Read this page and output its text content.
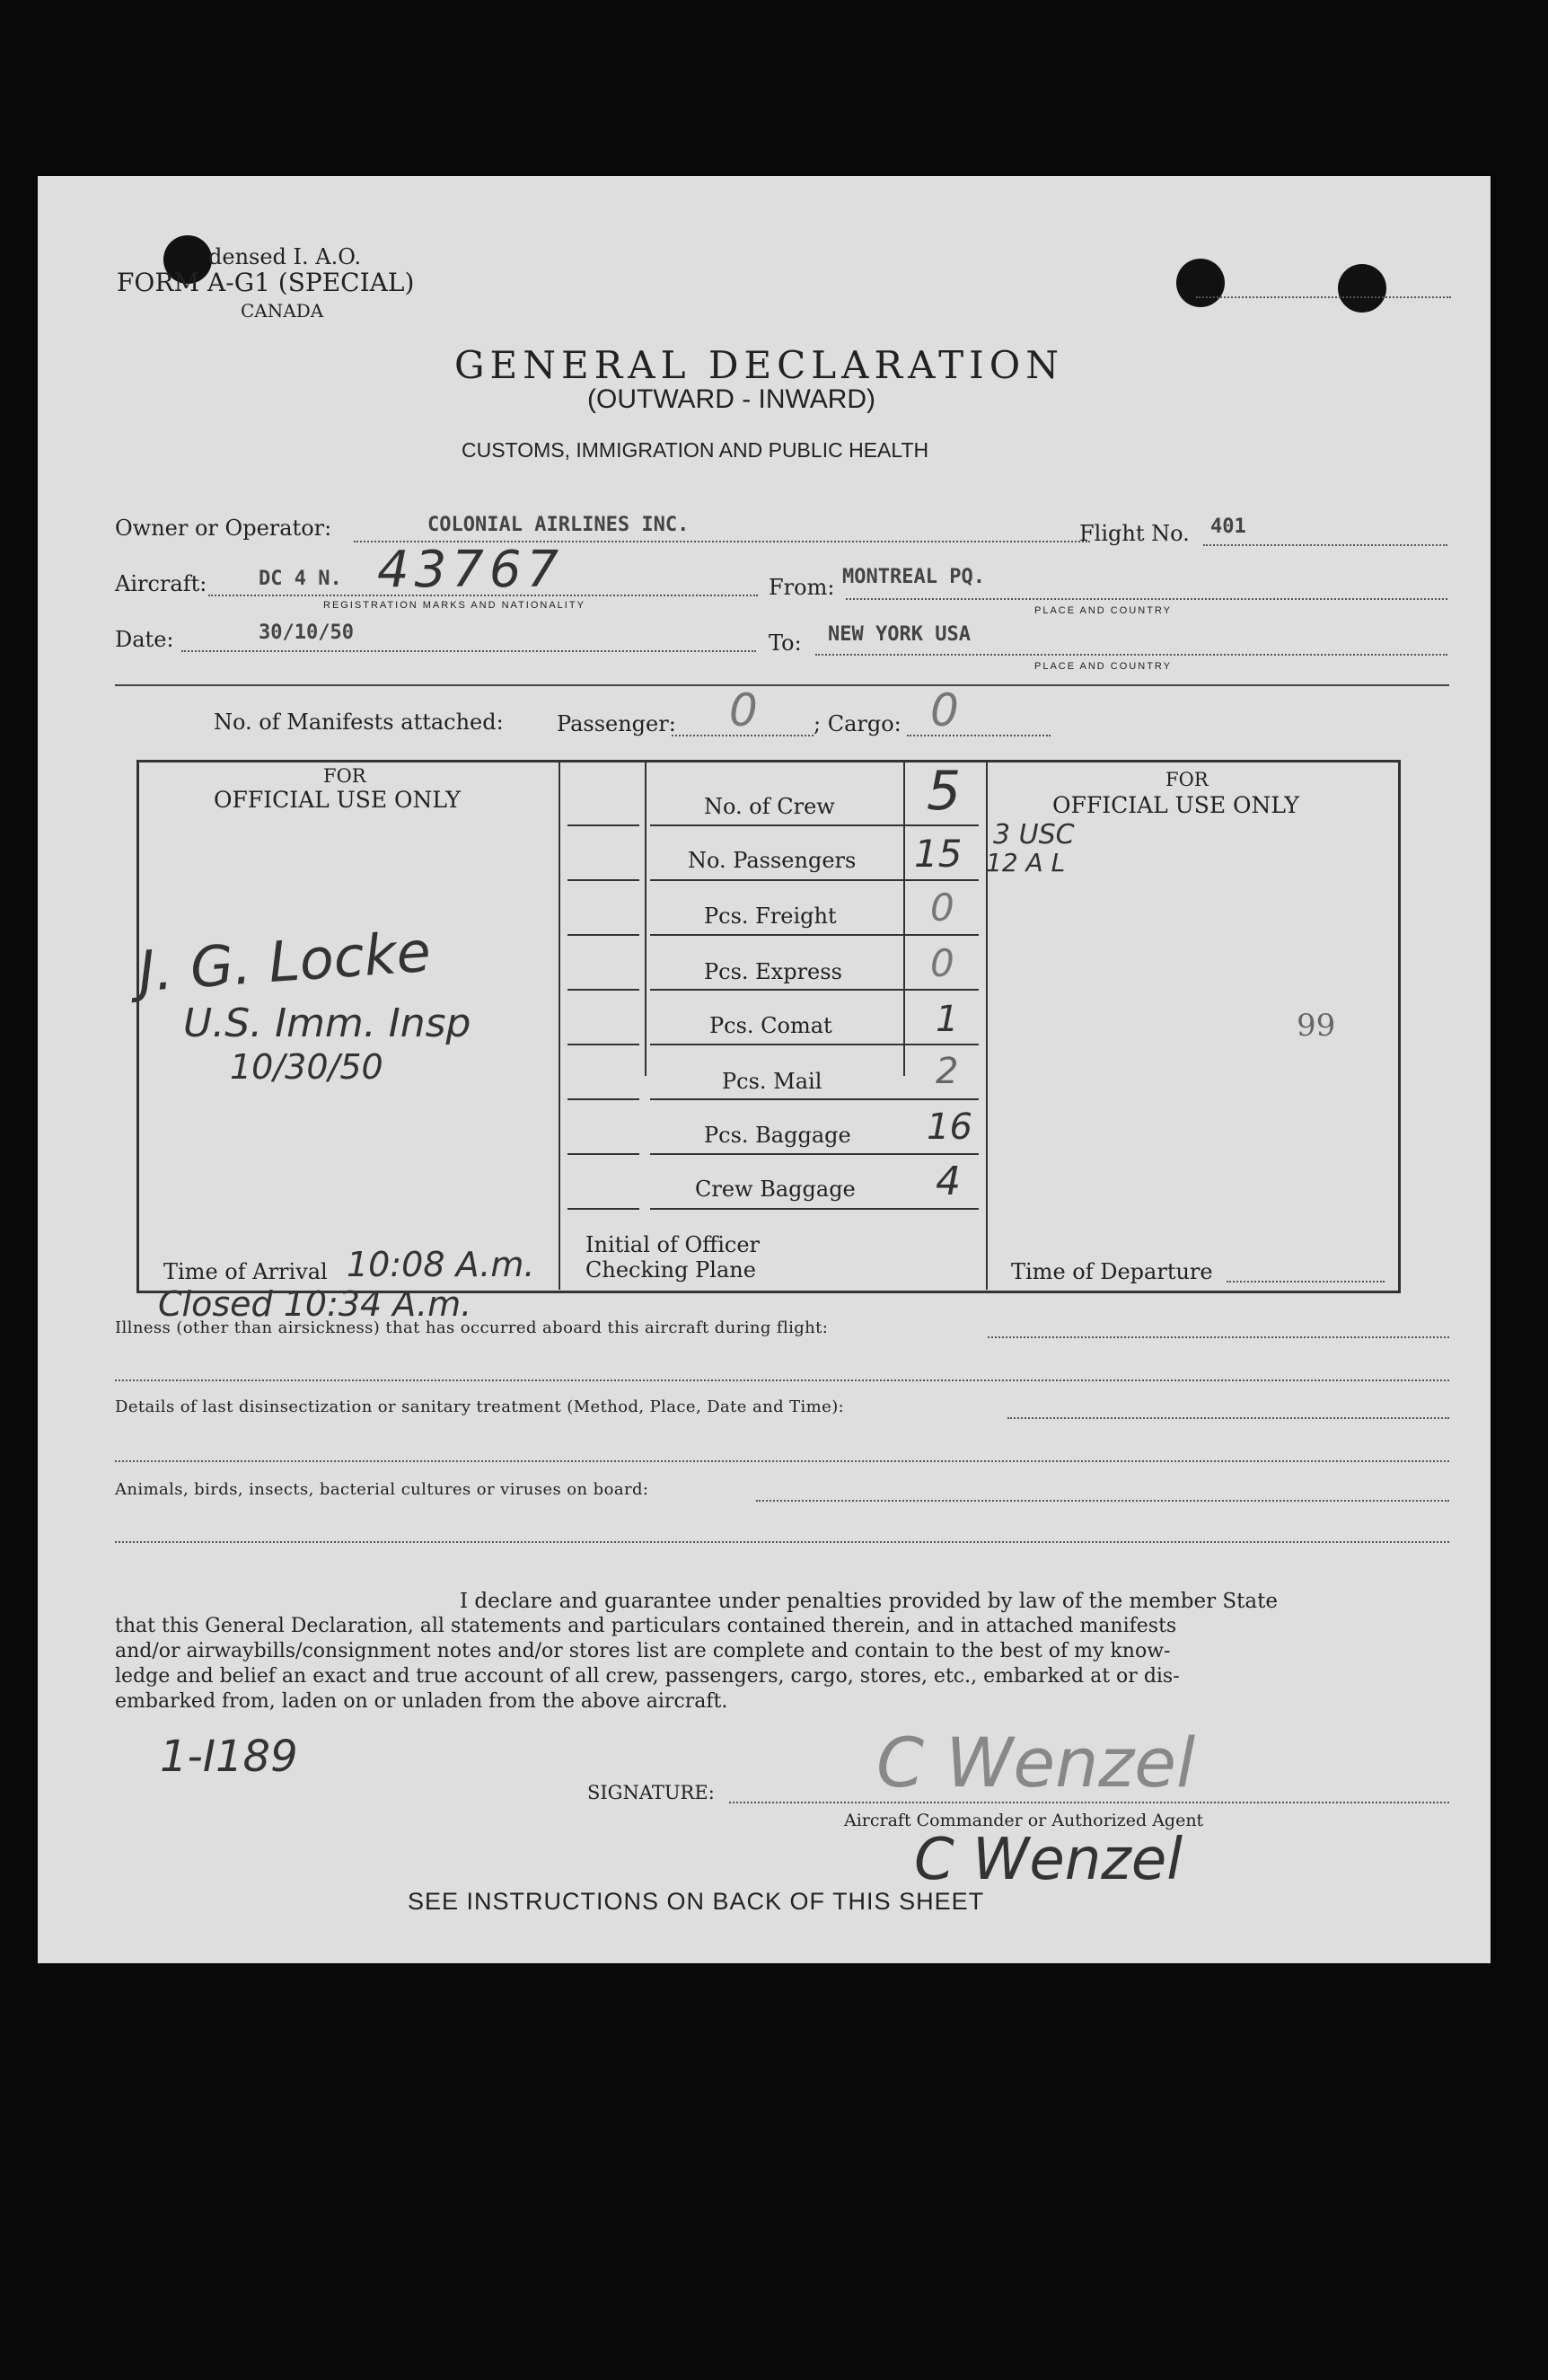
densed I. A.O.
FORM A-G1 (SPECIAL)
CANADA
GENERAL DECLARATION
(OUTWARD - INWARD)
CUSTOMS, IMMIGRATION AND PUBLIC HEALTH
Owner or Operator:	COLONIAL AIRLINES INC.	Flight No. 401
Aircraft:	DC 4 N. 43767
REGISTRATION MARKS AND NATIONALITY
From: MONTREAL PQ.
PLACE AND COUNTRY
Date:	30/10/50	To: NEW YORK USA
PLACE AND COUNTRY
No. of Manifests attached: Passenger: 0	; Cargo: 0
FOR
OFFICIAL USE ONLY
FOR
OFFICIAL USE ONLY
No. of Crew 5
No. Passengers 15
Pcs. Freight 0
Pcs. Express 0
Pcs. Comat	1
Pcs. Mail	2
Pcs. Baggage 16
Crew Baggage 4
3 USC
12 A L
99
J. G. Locke
U.S. Imm. Insp
10/30/50
Time of Arrival 10:08 A.m. Initial of Officer
Checking Plane	Time of Departure
Closed 10:34 A.m.
Illness (other than airsickness) that has occurred aboard this aircraft during flight:
Details of last disinsectization or sanitary treatment (Method, Place, Date and Time):
Animals, birds, insects, bacterial cultures or viruses on board:
I declare and guarantee under penalties provided by law of the member State
that this General Declaration, all statements and particulars contained therein, and in attached manifests
and/or airwaybills/consignment notes and/or stores list are complete and contain to the best of my know-
ledge and belief an exact and true account of all crew, passengers, cargo, stores, etc., embarked at or dis-
embarked from, laden on or unladen from the above aircraft.
1-I189
SIGNATURE: C Wenzel
Aircraft Commander or Authorized Agent
C Wenzel
SEE INSTRUCTIONS ON BACK OF THIS SHEET
